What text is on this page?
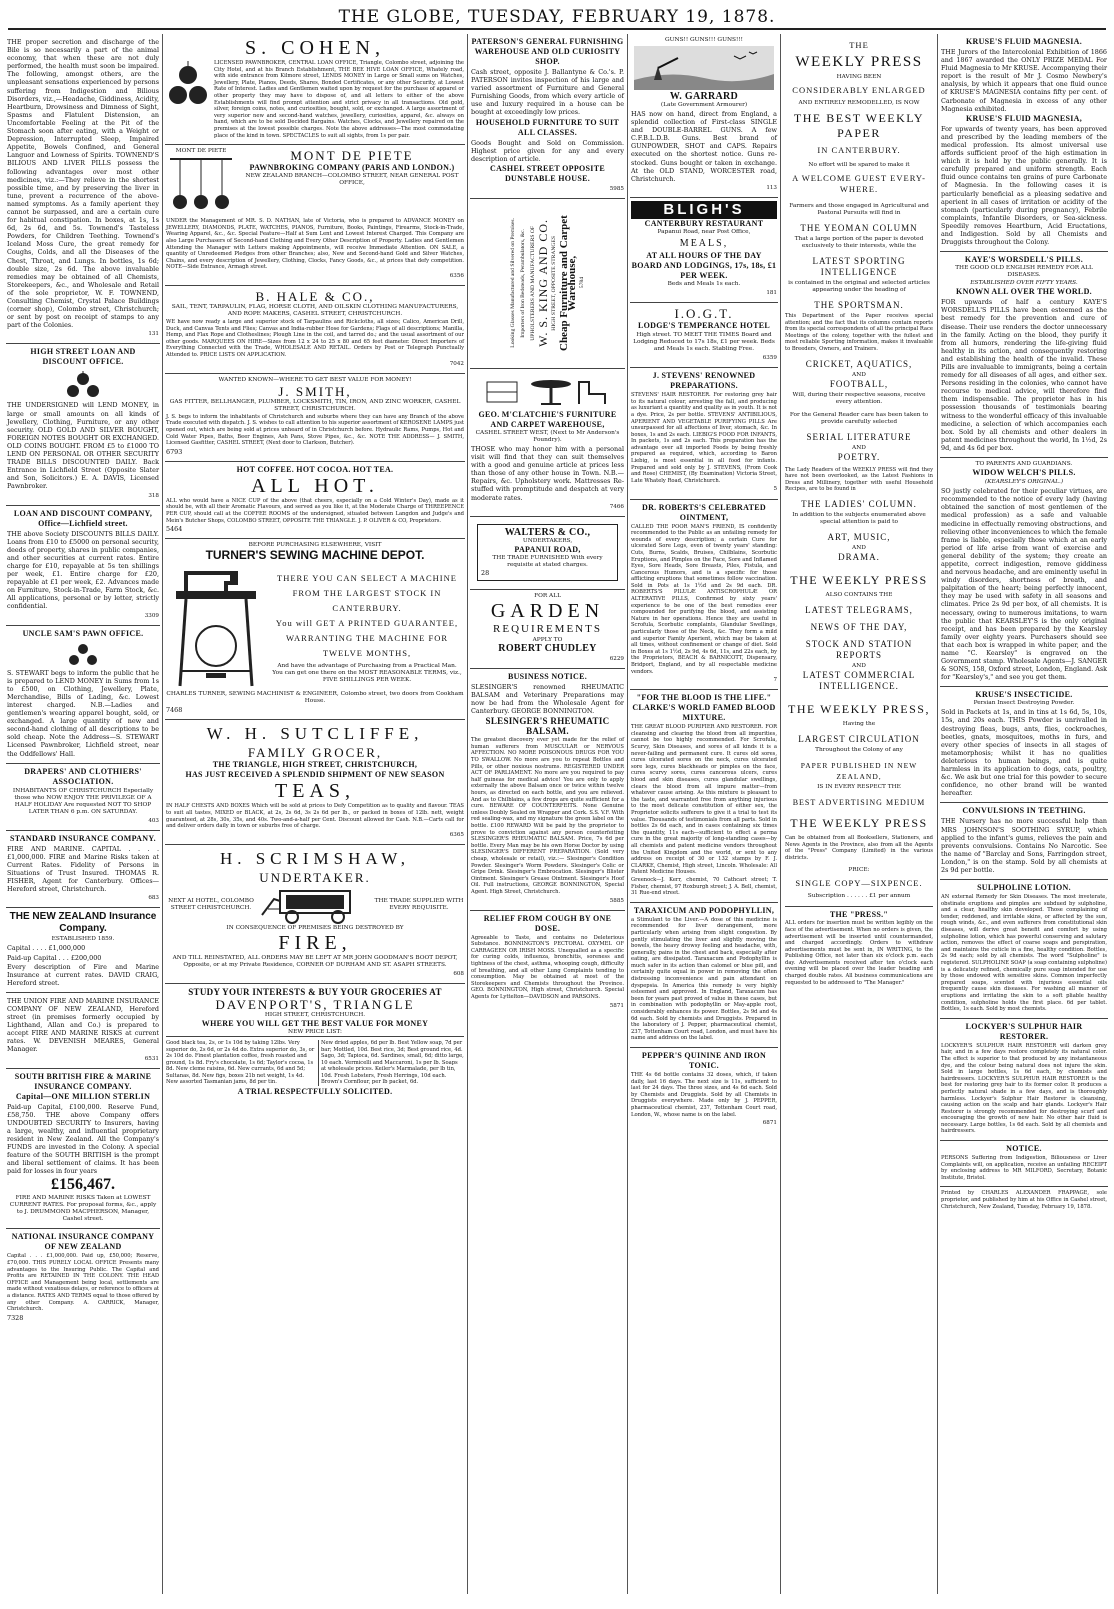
THE GLOBE, TUESDAY, FEBRUARY 19, 1878.

THE proper secretion and discharge of the Bile is so necessarily a part of the animal economy, that when these are not duly performed, the health must soon be impaired. The following, amongst others, are the unpleasant sensations experienced by persons suffering from Indigestion and Bilious Disorders, viz.,—Headache, Giddiness, Acidity, Heartburn, Drowsiness and Dimness of Sight, Spasms and Flatulent Distension, an Uncomfortable Feeling at the Pit of the Stomach soon after eating, with a Weight or Depression, Interrupted Sleep, Impaired Appetite, Bowels Confined, and General Languor and Lowness of Spirits. TOWNEND'S BILIOUS AND LIVER PILLS possess the following advantages over most other medicines, viz.:—They relieve in the shortest possible time, and by preserving the liver in tune, prevent a recurrence of the above-named symptoms. As a family aperient they cannot be surpassed, and are a certain cure for habitual constipation. In boxes, at 1s, 1s 6d, 2s 6d, and 5s. Townend's Tasteless Powders, for Children Teething. Townend's Iceland Moss Cure, the great remedy for Coughs, Colds, and all the Diseases of the Chest, Throat, and Lungs. In bottles, 1s 6d; double size, 2s 6d. The above invaluable remedies may be obtained of all Chemists, Storekeepers, &c., and Wholesale and Retail of the sole proprietor, W. F. TOWNEND, Consulting Chemist, Crystal Palace Buildings (corner shop), Colombo street, Christchurch; or sent by post on receipt of stamps to any part of the Colonies.

131

HIGH STREET LOAN AND DISCOUNT OFFICE.

THE UNDERSIGNED will LEND MONEY, in large or small amounts on all kinds of Jewellery, Clothing, Furniture, or any other security. OLD GOLD AND SILVER BOUGHT, FOREIGN NOTES BOUGHT OR EXCHANGED. OLD COINS BOUGHT. FROM £5 to £1000 TO LEND ON PERSONAL OR OTHER SECURITY TRADE BILLS DISCOUNTED DAILY. Back Entrance in Lichfield Street (Opposite Slater and Son, Solicitors.) E. A. DAVIS, Licensed Pawnbroker.

318

LOAN AND DISCOUNT COMPANY, Office—Lichfield street.

THE above Society DISCOUNTS BILLS DAILY. Loans from £10 to £5000 on personal security, deeds of property, shares in public companies, and other securities at current rates. Entire charge for £10, repayable at 5s ten shillings per week, £1. Entire charge for £20, repayable at £1 per week, £2. Advances made on Furniture, Stock-in-Trade, Farm Stock, &c. All applications, personal or by letter, strictly confidential.

3309

UNCLE SAM'S PAWN OFFICE.

S. STEWART begs to inform the public that he is prepared to LEND MONEY in Sums from 1s to £500, on Clothing, Jewellery, Plate, Merchandise, Bills of Lading, &c. Lowest interest charged. N.B.—Ladies and gentlemen's wearing apparel bought, sold, or exchanged. A large quantity of new and second-hand clothing of all descriptions to be sold cheap. Note the Address—S. STEWART Licensed Pawnbroker, Lichfield street, near the Oddfellows' Hall.

DRAPERS' AND CLOTHIERS' ASSOCIATION.

INHABITANTS OF CHRISTCHURCH Especially those who NOW ENJOY THE PRIVILEGE OF A HALF HOLIDAY Are requested NOT TO SHOP LATER THAN 6 p.m. ON SATURDAY.

403

STANDARD INSURANCE COMPANY.

FIRE AND MARINE. CAPITAL . . . . £1,000,000. FIRE and Marine Risks taken at Current Rates. Fidelity of Persons in Situations of Trust Insured. THOMAS R. FISHER, Agent for Canterbury. Offices—Hereford street, Christchurch.

683

THE NEW ZEALAND Insurance Company.

ESTABLISHED 1859.

Capital . . . . £1,000,000

Paid-up Capital . . . £200,000

Every description of Fire and Marine Insurance at current rates. DAVID CRAIG, Hereford street.

THE UNION FIRE AND MARINE INSURANCE COMPANY OF NEW ZEALAND, Hereford street (in premises formerly occupied by Lighthand, Allan and Co.) is prepared to accept FIRE AND MARINE RISKS at current rates. W. DEVENISH MEARES, General Manager.

6531

SOUTH BRITISH FIRE & MARINE INSURANCE COMPANY.
Capital—ONE MILLION STERLIN

Paid-up Capital, £100,000. Reserve Fund, £58,750. THE above Company offers UNDOUBTED SECURITY to Insurers, having a large, wealthy, and influential proprietary resident in New Zealand. All the Company's FUNDS are invested in the Colony. A special feature of the SOUTH BRITISH is the prompt and liberal settlement of claims. It has been paid for losses in four years

£156,467.

FIRE AND MARINE RISKS Taken at LOWEST CURRENT RATES. For proposal forms, &c., apply to J. DRUMMOND MACPHERSON, Manager, Cashel street.

NATIONAL INSURANCE COMPANY OF NEW ZEALAND

Capital . . . £1,000,000. Paid up, £50,000; Reserve, £70,000. THIS PURELY LOCAL OFFICE Presents many advantages to the Insuring Public. The Capital and Profits are RETAINED IN THE COLONY. THE HEAD OFFICE and Management being local, settlements are made without vexatious delays, or reference to officers at a distance. RATES AND TERMS equal to those offered by any other Company. A. CARRICK, Manager, Christchurch.

7328

S. COHEN,

LICENSED PAWNBROKER, CENTRAL LOAN OFFICE, Triangle, Colombo street, adjoining the City Hotel, and at his Branch Establishment, THE BEE HIVE LOAN OFFICE, Whately road, with side entrance from Kilmore street, LENDS MONEY in Large or Small sums on Watches, Jewellery, Plate, Pianos, Deeds, Shares, Bonded Certificates, or any other Security, at Lowest Rate of Interest. Ladies and Gentlemen waited upon by request for the purchase of apparel or other property they may have to dispose of, and all letters to either of the above Establishments will find prompt attention and strict privacy in all transactions. Old gold, silver, foreign coins, notes, and curiosities, bought, sold, or exchanged. A large assortment of very superior new and second-hand watches, jewellery, curiosities, apparel, &c. always on hand, which are to be sold Decided Bargains. Watches, Clocks, and Jewellery repaired on the premises at the lowest possible charges. Note the above addresses—The most commodating place of the kind in town. SPECTACLES to suit all sights, from 1s per pair.

MONT DE PIETE	MONT DE PIETE
PAWNBROKING COMPANY (PARIS AND LONDON.)
NEW ZEALAND BRANCH—COLOMBO STREET, NEAR GENERAL POST OFFICE,

UNDER the Management of MR. S. D. NATHAN, late of Victoria, who is prepared to ADVANCE MONEY on JEWELLERY, DIAMONDS, PLATE, WATCHES, PIANOS, Furniture, Books, Paintings, Firearms, Stock-in-Trade, Wearing Apparel, &c., &c. Special Feature—Half at Sum Lent and Lowest Interest Charged. This Company are also Large Purchasers of Second-hand Clothing and Every Other Description of Property. Ladies and Gentlemen Attending the Manager with Letters making Appointments, will receive Immediate Attention. ON SALE, a quantity of Unredeemed Pledges from other Branches; also, New and Second-hand Gold and Silver Watches, Chains, and every description of Jewellery, Clothing, Clocks, Fancy Goods, &c., at prices that defy competition. NOTE—Side Entrance, Armagh street.

6356

B. HALE & CO.,
SAIL, TENT, TARPAULIN, FLAG, HORSE CLOTH, AND OILSKIN CLOTHING MANUFACTURERS, AND ROPE MAKERS, CASHEL STREET, CHRISTCHURCH.

WE have now ready a large and superior stock of Tarpaulins and Rickcloths, all sizes; Calico, American Drill, Duck, and Canvas Tents and Flies; Canvas and India-rubber Hose for Gardens; Flags of all descriptions; Manilla, Hemp, and Flax Rope and Clotheslines; Plough Line in the coil, and tarred do.; and the usual assortment of our other goods. MARQUEES ON HIRE—Sizes from 12 x 24 to 25 x 80 and 65 feet diameter. Direct Importers of Everything Connected with the Trade, WHOLESALE AND RETAIL. Orders by Post or Telegraph Punctually Attended to. PRICE LISTS ON APPLICATION.

7042

WANTED KNOWN—WHERE TO GET BEST VALUE FOR MONEY!
J. SMITH,
GAS FITTER, BELLHANGER, PLUMBER, LOCKSMITH, TIN, IRON, AND ZINC WORKER, CASHEL STREET, CHRISTCHURCH.

J. S. begs to inform the inhabitants of Christchurch and suburbs where they can have any Branch of the above Trade executed with dispatch. J. S. wishes to call attention to his superior assortment of KEROSENE LAMPS just opened out, which are being sold at prices unheard of in Christchurch before. Hydraulic Rams, Pumps, Hot and Cold Water Pipes, Baths, Beer Engines, Ash Pans, Stove Pipes, &c., &c. NOTE THE ADDRESS— J. SMITH, Licensed Gasfitter, CASHEL STREET, (Next door to Clarkson, Butcher).

6793

HOT COFFEE. HOT COCOA. HOT TEA.
ALL HOT.

ALL who would have a NICE CUP of the above (that cheers, especially on a Cold Winter's Day), made as it should be, with all their Aromatic Flavours, and served as you like it, at the Moderate Charge of THREEPENCE PER CUP, should call at the COFFEE ROOMS of the undersigned, situated between Langdon and Judge's and Mein's Butcher Shops, COLOMBO STREET, OPPOSITE THE TRIANGLE. J. P. OLIVER & CO, Proprietors.

5464

BEFORE PURCHASING ELSEWHERE, VISIT
TURNER'S SEWING MACHINE DEPOT.
THERE YOU CAN SELECT A MACHINE
FROM THE LARGEST STOCK IN
CANTERBURY.
You will GET A PRINTED GUARANTEE,
WARRANTING THE MACHINE FOR
TWELVE MONTHS,
And have the advantage of Purchasing from a Practical Man.
You can get one there on the MOST REASONABLE TERMS, viz., FIVE SHILLINGS PER WEEK.
CHARLES TURNER, SEWING MACHINIST & ENGINEER, Colombo street, two doors from Cookham House.

7468

W. H. SUTCLIFFE,
FAMILY GROCER,
THE TRIANGLE, HIGH STREET, CHRISTCHURCH,
HAS JUST RECEIVED A SPLENDID SHIPMENT OF NEW SEASON
TEAS,

IN HALF CHESTS AND BOXES Which will be sold at prices to Defy Competition as to quality and flavour. TEAS to suit all tastes, MIXED or BLACK, at 2s, 2s 6d, 3s 2s 6d per lb., or packed in boxes of 12lb. nett, weight guaranteed, at 28s, 30s, 35s, and 40s. Two-and-a-half per Cent. Discount allowed for Cash. N.B.—Carts call for and deliver orders daily in town or suburbs free of charge.

6365

H. SCRIMSHAW,
UNDERTAKER.
NEXT AI HOTEL, COLOMBO STREET CHRISTCHURCH.
THE TRADE SUPPLIED WITH EVERY REQUISITE.
IN CONSEQUENCE OF PREMISES BEING DESTROYED BY
FIRE,

AND TILL REINSTATED, ALL ORDERS MAY BE LEFT AT MR JOHN GOODMAN'S BOOT DEPOT, Opposite, or at my Private Residence, CORNER OF DURHAM AND ST. ASAPH STREETS.

608

STUDY YOUR INTERESTS & BUY YOUR GROCERIES AT
DAVENPORT'S, TRIANGLE
HIGH STREET, CHRISTCHURCH.
WHERE YOU WILL GET THE BEST VALUE FOR MONEY
NEW PRICE LIST:

Good black tea, 2s, or 1s 10d by taking 12lbs. Very superior do, 2s 6d, or 2s 4d do. Extra superior do, 3s, or 2s 10d do. Finest plantation coffee, fresh roasted and ground, 1s 8d. Fry's chocolate, 1s 6d; Taylor's cocoa, 1s 8d. New cleme raisins, 6d. New currants, 6d and 5d; Sultanas, 8d. New figs, boxes 21b net weight, 1s 4d. New assorted Tasmanian jams, 8d per tin.

New dried apples, 6d per lb. Best Yellow soap, 7d per bar; Mottled, 10d. Best rice, 3d; Best ground rice, 4d. Sago, 3d; Tapioca, 6d. Sardines, small, 6d; ditto large, 10 each. Vermicelli and Maccaroni, 1s per lb. Soaps at wholesale prices. Keiler's Marmalade, per lb tin, 10d. Fresh Lobsters, Fresh Herrings, 10d each. Brown's Cornflour, per lb packet, 6d.

A TRIAL RESPECTFULLY SOLICITED.
PATERSON'S GENERAL FURNISHING WAREHOUSE AND OLD CURIOSITY SHOP.

Cash street, opposite J. Ballantyne & Co.'s. P. PATERSON invites inspection of his large and varied assortment of Furniture and General Furnishing Goods, from which every article of use and luxury required in a house can be bought at exceedingly low prices.

HOUSEHOLD FURNITURE TO SUIT ALL CLASSES.

Goods Bought and Sold on Commission. Highest price given for any and every description of article.

CASHEL STREET OPPOSITE DUNSTABLE HOUSE.

5985

Looking Glasses Manufactured and Silvered on Premises. Importers of Iron Bedsteads, Perambulators, &c. UPHOLSTERERS AND MANUFACTURERS OF W. S. KING AND CO. HIGH STREET, OPPOSITE STRANGES Cheap Furniture and Carpet Warehouse, 5784
GEO. M'CLATCHIE'S FURNITURE AND CARPET WAREHOUSE,
CASHEL STREET WEST, (Next to Mr Anderson's Foundry).

THOSE who may honor him with a personal visit will find that they can suit themselves with a good and genuine article at prices less than those of any other house in Town. N.B.—Repairs, &c. Upholstery work. Mattresses Re-stuffed with promptitude and despatch at very moderate rates.

7466

WALTERS & CO.,
UNDERTAKERS,
PAPANUI ROAD,
THE TRADE FURNISHED With every requisite at stated charges.
28
FOR ALL
GARDEN
REQUIREMENTS
APPLY TO
ROBERT CHUDLEY

6229

BUSINESS NOTICE.

SLESINGER'S renowned RHEUMATIC BALSAM and Veterinary Preparations may now be had from the Wholesale Agent for Canterbury. GEORGE BONNINGTON.

SLESINGER'S RHEUMATIC BALSAM.

The greatest discovery ever yet made for the relief of human sufferers from MUSCULAR or NERVOUS AFFECTION. NO MORE POISONOUS DRUGS FOR YOU TO SWALLOW. No more are you to repeat Bottles and Pills, or other noxious nostrums. REGISTERED UNDER ACT OF PARLIAMENT. No more are you required to pay half guineas for medical advice! You are only to apply externally the above Balsam once or twice within twelve hours, as directed on each bottle, and you are relieved. And as to Chilblains, a few drops are quite sufficient for a cure. BEWARE OF COUNTERFEITS. None Genuine unless Doubly Sealed on Wrapper and Cork. S.S. V.F. With red sealing-wax, and my signature the green label on the bottle. £100 REWARD Will be paid by the proprietor to prove to conviction against any person counterfeiting SLESINGER'S RHEUMATIC BALSAM. Price, 7s 6d per bottle. Every Man may be his own Horse Doctor by using SLESINGER'S DIFFERENT PREPARATION. (Sold very cheap, wholesale or retail), viz.:— Slesinger's Condition Powder. Slesinger's Worm Powders. Slesinger's Colic or Gripe Drink. Slesinger's Embrocation. Slesinger's Blister Ointment. Slesinger's Grease Ointment. Slesinger's Hoof Oil. Full instructions, GEORGE BONNINGTON, Special Agent. High Street, Christchurch.

5885

RELIEF FROM COUGH BY ONE DOSE.

Agreeable to Taste, and contains no Deleterious Substance. BONNINGTON'S PECTORAL OXYMEL OF CARRAGEEN OR IRISH MOSS. Unequalled as a specific for curing colds, influenza, bronchitis, soreness and tightness of the chest, asthma, whooping cough, difficulty of breathing, and all other Lung Complaints tending to consumption. May be obtained at most of the Storekeepers and Chemists throughout the Province. GEO. BONNINGTON, High street, Christchurch. Special Agents for Lyttelton—DAVIDSON and PARSONS.

5871

GUNS!! GUNS!!! GUNS!!!
W. GARRARD
(Late Government Armourer)

HAS now on hand, direct from England, a splendid collection of First-class SINGLE and DOUBLE-BARREL GUNS. A few C.F.B.L.D.B. Guns. Best brand of GUNPOWDER, SHOT and CAPS. Repairs executed on the shortest notice. Guns re-stocked. Guns bought or taken in exchange. At the OLD STAND, WORCESTER road, Christchurch.

113

BLIGH'S
CANTERBURY RESTAURANT
Papanui Road, near Post Office,
MEALS,
AT ALL HOURS OF THE DAY
BOARD AND LODGINGS, 17s, 18s, £1 PER WEEK.
Beds and Meals 1s each.

181

I.O.G.T.
LODGE'S TEMPERANCE HOTEL

High street. TO MEET THE TIMES Board and Lodging Reduced to 17s 18s, £1 per week. Beds and Meals 1s each. Stabling Free.

6359

J. STEVENS' RENOWNED PREPARATIONS.

STEVENS' HAIR RESTORER. For restoring grey hair to its natural colour, arresting the fall, and producing as luxuriant a quantity and quality as in youth. It is not a dye. Price, 2s per bottle. STEVENS' ANTIBILIOUS, APERIENT AND VEGETABLE PURIFYING PILLS Are unsurpassed for all affections of liver, stomach, &c. In boxes, 1s and 2s each. LIEBIG'S FOOD FOR INFANTS, In packets, 1s and 2s each. This preparation has the advantage over all imported Foods by being freshly prepared as required, which, according to Baron Liebig, is most essential in all food for infants. Prepared and sold only by J. STEVENS, (From Cook and Rose) CHEMIST, (By Examination) Victoria Street, Late Whately Road, Christchurch.

5

DR. ROBERTS'S CELEBRATED OINTMENT,

CALLED THE POOR MAN'S FRIEND, IS confidently recommended to the Public as an unfailing remedy for wounds of every description; a certain Cure for ulcerated Sore Legs, even of twenty years' standing: Cuts, Burns, Scalds, Bruises, Chilblains, Scorbutic Eruptions, and Pimples on the Face, Sore and Inflamed Eyes, Sore Heads, Sore Breasts, Piles, Fistula, and Cancerous Humors, and is a specific for those afflicting eruptions that sometimes follow vaccination. Sold in Pots at 1s 1½d and 2s 9d each. DR. ROBERTS'S PILULÆ ANTISCROPHULÆ OR ALTERATIVE PILLS, Confirmed by sixty years' experience to be one of the best remedies ever compounded for purifying the blood, and assisting Nature in her operations. Hence they are useful in Scrofula, Scorbutic complaints, Glandular Swellings, particularly those of the Neck, &c. They form a mild and superior Family Aperient, which may be taken at all times, without confinement or change of diet. Sold in Boxes at 1s 1½d, 2s 9d, 4s 6d, 11s, and 22s each, by the Proprietors, BEACH & BARNICOTT, Dispensary, Bridport, England, and by all respectable medicine vendors.

7

"FOR THE BLOOD IS THE LIFE."
CLARKE'S WORLD FAMED BLOOD MIXTURE.

THE GREAT BLOOD PURIFIER AND RESTORER. FOR cleansing and clearing the blood from all impurities, cannot be too highly recommended. For Scrofula, Scurvy, Skin Diseases, and sores of all kinds it is a never-failing and permanent cure. It cures old sores, cures ulcerated sores on the neck, cures ulcerated sore legs, cures blackheads or pimples on the face, cures scurvy sores, cures cancerous ulcers, cures blood and skin diseases, cures glandular swellings, clears the blood from all impure matter—from whatever cause arising. As this mixture is pleasant to the taste, and warranted free from anything injurious to the most delicate constitution of either sex, the Proprietor solicits sufferers to give it a trial to test its value. Thousands of testimonials from all parts. Sold in bottles 2s 6d each, and in cases containing six times the quantity, 11s each—sufficient to effect a perma cure in the great majority of long-standing cases—by all chemists and patent medicine vendors throughout the United Kingdom and the world, or sent to any address on receipt of 30 or 132 stamps by F. J. CLARKE, Chemist, High street, Lincoln. Wholesale: All Patent Medicine Houses.

Greenock—J. Kerr, chemist, 70 Cathcart street; T. Fisher, chemist, 97 Roxburgh street; J. A. Bell, chemist, 31 Rue-end street.

TARAXICUM AND PODOPHYLLIN,

a Stimulant to the Liver.—A dose of this medicine is recommended for liver derangement, more particularly when arising from slight congestion. By gently stimulating the liver and slightly moving the bowels, the heavy drowsy feeling and headache, with, generally, pains in the chest and back, especially after eating, are dissipated. Taraxacum and Podophyllin is much safer in its action than calomel or blue pill, and certainly quite equal in power in removing the often distressing inconvenience and pain attendant on dyspepsia. In America this remedy is very highly esteemed and approved. In England, Taraxacum has been for years past proved of value in these cases, but in combination with podophyllin or May-apple root, considerably enhances its power. Bottles, 2s 9d and 4s 6d each. Sold by chemists and Druggists. Prepared in the laboratory of J. Pepper, pharmaceutical chemist, 237, Tottenham Court road, London, and must have his name and address on the label.

PEPPER'S QUININE AND IRON TONIC.

THE 4s 6d bottle contains 32 doses, which, if taken daily, last 16 days. The next size is 11s, sufficient to last for 24 days. The three sizes, and 4s 6d each. Sold by Chemists and Druggists. Sold by all Chemists in Druggists everywhere. Made only by J. PEPPER, pharmaceutical chemist, 237, Tottenham Court road, London, W., whose name is on the label.

6871

THE
WEEKLY PRESS
HAVING BEEN
CONSIDERABLY ENLARGED
AND ENTIRELY REMODELLED, IS NOW
THE BEST WEEKLY PAPER
IN CANTERBURY.
No effort will be spared to make it
A WELCOME GUEST EVERY-WHERE.
Farmers and those engaged in Agricultural and Pastoral Pursuits will find in
THE YEOMAN COLUMN
That a large portion of the paper is devoted exclusively to their interests, while the
LATEST SPORTING INTELLIGENCE
is contained in the original and selected articles appearing under the heading of
THE SPORTSMAN.

This Department of the Paper receives special attention; and the fact that its columns contain reports from its special correspondents of all the principal Race Meetings of the colony, together with the fullest and most reliable Sporting information, makes it invaluable to Breeders, Owners, and Trainers.

CRICKET, AQUATICS,
AND
FOOTBALL,
Will, during their respective seasons, receive every attention.
For the General Reader care has been taken to provide carefully selected
SERIAL LITERATURE
AND
POETRY.

The Lady Readers of the WEEKLY PRESS will find they have not been overlooked, as the Latest Fashions in Dress and Millinery, together with useful Household Recipes, are to be found in

THE LADIES' COLUMN.
In addition to the subjects enumerated above special attention is paid to
ART, MUSIC,
AND
DRAMA.
THE WEEKLY PRESS
ALSO CONTAINS THE
LATEST TELEGRAMS,
NEWS OF THE DAY,
STOCK AND STATION REPORTS
AND
LATEST COMMERCIAL INTELLIGENCE.
THE WEEKLY PRESS,
Having the
LARGEST CIRCULATION
Throughout the Colony of any
PAPER PUBLISHED IN NEW ZEALAND,
IS IN EVERY RESPECT THE
BEST ADVERTISING MEDIUM
THE WEEKLY PRESS

Can be obtained from all Booksellers, Stationers, and News Agents in the Province, also from all the Agents of the "Press" Company (Limited) in the various districts.

PRICE:
SINGLE COPY—SIXPENCE.
Subscription . . . . . . £1 per annum
THE "PRESS."

ALL orders for insertion must be written legibly on the face of the advertisement. When no orders is given, the advertisement will be inserted until countermanded, and charged accordingly. Orders to withdraw advertisements must be sent in, IN WRITING, to the Publishing Office, not later than six o'clock p.m. each day. Advertisements received after ten o'clock each evening will be placed over the leader heading and charged double rates. All business communications are requested to be addressed to "The Manager."

KRUSE'S FLUID MAGNESIA.

THE Jurors of the Intercolonial Exhibition of 1866 and 1867 awarded the ONLY PRIZE MEDAL For Fluid Magnesia to Mr KRUSE. Accompanying their report is the result of Mr J. Cosmo Newbery's analysis, by which it appears that one fluid ounce of KRUSE'S MAGNESIA contains fifty per cent. of Carbonate of Magnesia in excess of any other Magnesia exhibited.

KRUSE'S FLUID MAGNESIA,

For upwards of twenty years, has been approved and prescribed by the leading members of the medical profession. Its almost universal use affords sufficient proof of the high estimation in which it is held by the public generally. It is carefully prepared and uniform strength. Each fluid ounce contains ten grains of pure Carbonate of Magnesia. In the following cases it is particularly beneficial as a pleasing sedative and aperient in all cases of irritation or acidity of the stomach (particularly during pregnancy), Febrile complaints, Infantile Disorders, or Sea-sickness. Speedily removes Heartburn, Acid Eructations, and Indigestion. Sold by all Chemists and Druggists throughout the Colony.

KAYE'S WORSDELL'S PILLS.
THE GOOD OLD ENGLISH REMEDY FOR ALL DISEASES.
ESTABLISHED OVER FIFTY YEARS.
KNOWN ALL OVER THE WORLD.

FOR upwards of half a century KAYE'S WORSDELL'S PILLS have been esteemed as the best remedy for the prevention and cure of disease. Their use renders the doctor unnecessary in the family. Acting on the blood, they purify it from all humors, rendering the life-giving fluid healthy in its action, and consequently restoring and establishing the health of the invalid. These Pills are invaluable to immigrants, being a certain remedy for all diseases of all ages, and either sex. Persons residing in the colonies, who cannot have recourse to medical advice, will therefore find them indispensable. The proprietor has in his possession thousands of testimonials bearing witness to the wonderful efficacy of this invaluable medicine, a selection of which accompanies each box. Sold by all chemists and other dealers in patent medicines throughout the world, In 1½d, 2s 9d, and 4s 6d per box.

TO PARENTS AND GUARDIANS.
WIDOW WELCH'S PILLS.
(KEARSLEY'S ORIGINAL.)

SO justly celebrated for their peculiar virtues, are recommended to the notice of every lady (having obtained the sanction of most gentlemen of the medical profession) as a safe and valuable medicine in effectually removing obstructions, and relieving other inconveniences to which the female frame is liable, especially those which at an early period of life arise from want of exercise and general debility of the system; they create an appetite, correct indigestion, remove giddiness and nervous headache, and are eminently useful in windy disorders, shortness of breath, and palpitation of the heart; being perfectly innocent, they may be used with safety in all seasons and climates. Price 2s 9d per box, of all chemists. It is necessary, owing to numerous imitations, to warn the public that KEARSLEY'S is the only original receipt, and has been prepared by the Kearsley family over eighty years. Purchasers should see that each box is wrapped in white paper, and the name "C. Kearsley" is engraved on the Government stamp. Wholesale Agents—J. SANGER & SONS, 158, Oxford street, London, England. Ask for "Kearsley's," and see you get them.

KRUSE'S INSECTICIDE.
Persian Insect Destroying Powder.

Sold in Packets at 1s, and in tins at 1s 6d, 5s, 10s, 15s, and 20s each. THIS Powder is unrivalled in destroying fleas, bugs, ants, flies, cockroaches, beetles, gnats, mosquitoes, moths in furs, and every other species of insects in all stages of metamorphosis; whilst it has no qualities deleterious to human beings, and is quite harmless in its application to dogs, cats, poultry, &c. We ask but one trial for this powder to secure confidence, no other brand will be wanted hereafter.

CONVULSIONS IN TEETHING.

THE Nursery has no more successful help than MRS JOHNSON'S SOOTHING SYRUP, which applied to the infant's gums, relieves the pain and prevents convulsions. Contains No Narcotic. See the name of "Barclay and Sons, Farringdon street, London," is on the stamp. Sold by all chemists at 2s 9d per bottle.

SULPHOLINE LOTION.

AN external Remedy for Skin Diseases. The most inveterate, obstinate eruptions and pimples are subdued by sulpholine, and a clear, healthy skin developed. Those complaining of tender, reddened, and irritable skins, or affected by the sun, rough winds, &c., and even sufferers from constitutional skin diseases, will derive great benefit and comfort by using sulpholine lotion, which has powerful conserving and salutary action, removes the effect of coarse soaps and perspiration, and maintains the cuticle in a fine, healthy condition. Bottles, 2s 9d each; sold by all chemists. The word "Sulpholine" is registered. SULPHOLINE SOAP (a soap containing sulpholine) is a delicately refined, chemically pure soap intended for use by those endowed with sensitive skins. Common imperfectly prepared soaps, scented with injurious essential oils frequently cause skin diseases. For washing all manner of eruptions and irritating the skin to a soft pliable healthy condition, sulpholine holds the first place. 6d per tablet. Bottles, 1s each. Sold by most chemists.

LOCKYER'S SULPHUR HAIR RESTORER.

LOCKYER'S SULPHUR HAIR RESTORER will darken grey hair, and in a few days restore completely its natural color. The effect is superior to that produced by any instantaneous dye, and the colour being natural does not injure the skin. Sold in large bottles, 1s 6d each, by chemists and hairdressers. LOCKYER'S SULPHUR HAIR RESTORER is the best for restoring grey hair to its former color. It produces a perfectly natural shade in a few days, and is thoroughly harmless. Lockyer's Sulphur Hair Restorer is cleansing, causing action on the scalp and hair glands. Lockyer's Hair Restorer is strongly recommended for destroying scurf and encouraging the growth of new hair. No other hair fluid is necessary. Large bottles, 1s 6d each. Sold by all chemists and hairdressers.

NOTICE.

PERSONS Suffering from Indigestion, Biliousness or Liver Complaints will, on application, receive an unfailing RECEIPT by enclosing address to MR MILFORD, Secretary, Botanic Institute, Bristol.

Printed by CHARLES ALEXANDER FRAPPAGE, sole proprietor, and published by him at his Office in Cashel street, Christchurch, New Zealand, Tuesday, February 19, 1878.
